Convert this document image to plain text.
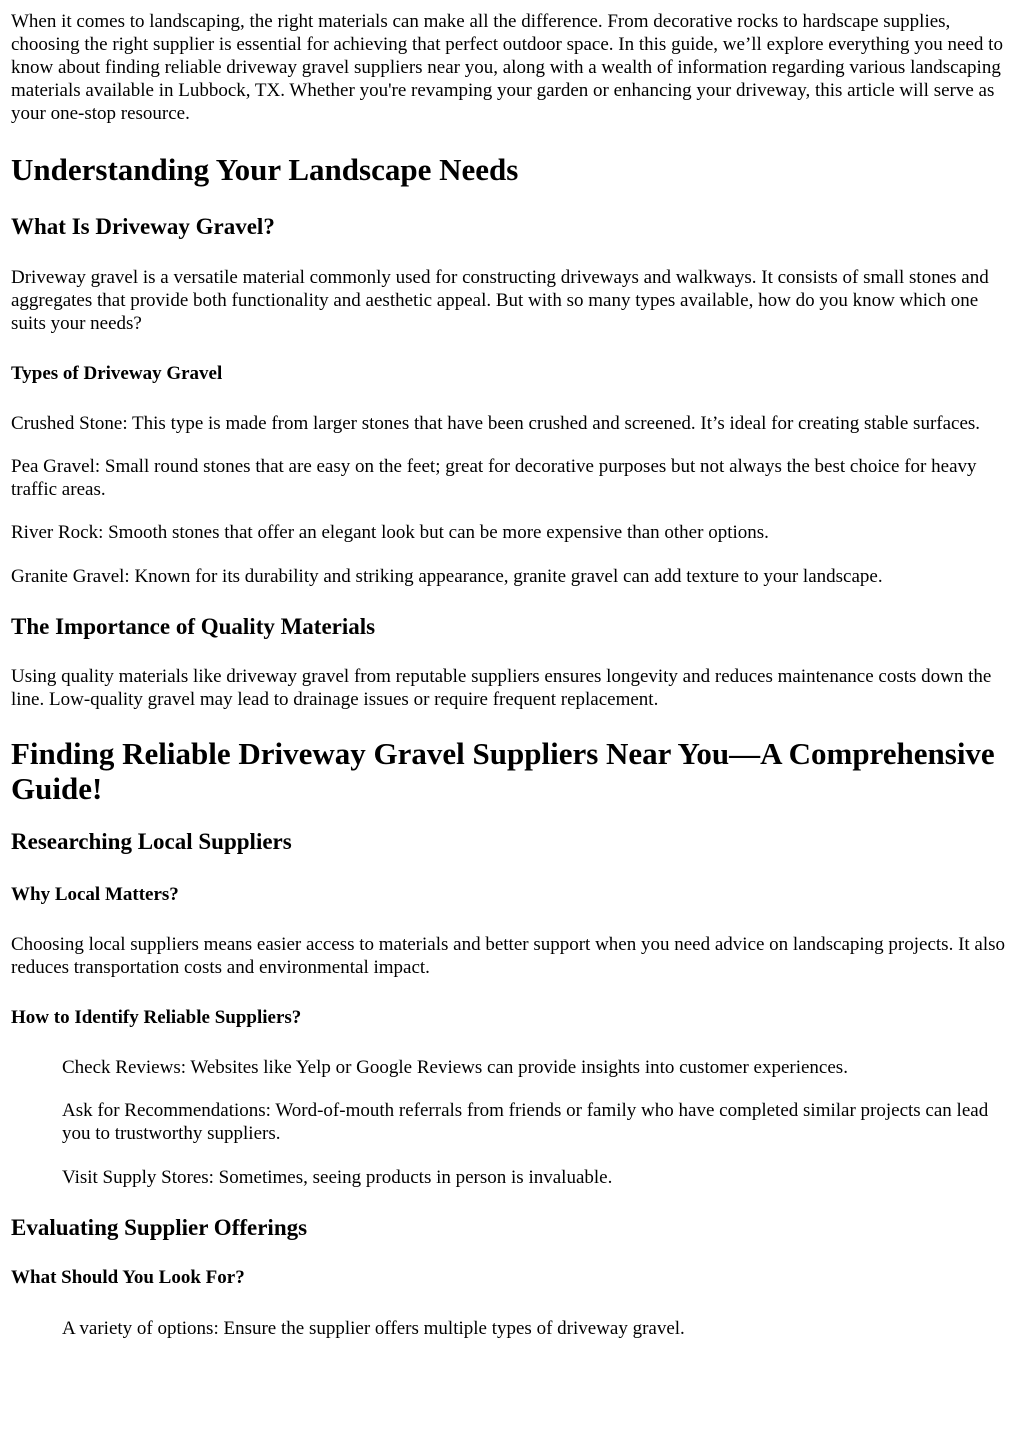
When it comes to landscaping, the right materials can make all the difference. From decorative rocks to hardscape supplies, choosing the right supplier is essential for achieving that perfect outdoor space. In this guide, we’ll explore everything you need to know about finding reliable driveway gravel suppliers near you, along with a wealth of information regarding various landscaping materials available in Lubbock, TX. Whether you're revamping your garden or enhancing your driveway, this article will serve as your one-stop resource.

Understanding Your Landscape Needs
What Is Driveway Gravel?

Driveway gravel is a versatile material commonly used for constructing driveways and walkways. It consists of small stones and aggregates that provide both functionality and aesthetic appeal. But with so many types available, how do you know which one suits your needs?

Types of Driveway Gravel

Crushed Stone: This type is made from larger stones that have been crushed and screened. It’s ideal for creating stable surfaces.

Pea Gravel: Small round stones that are easy on the feet; great for decorative purposes but not always the best choice for heavy traffic areas.

River Rock: Smooth stones that offer an elegant look but can be more expensive than other options.

Granite Gravel: Known for its durability and striking appearance, granite gravel can add texture to your landscape.

The Importance of Quality Materials

Using quality materials like driveway gravel from reputable suppliers ensures longevity and reduces maintenance costs down the line. Low-quality gravel may lead to drainage issues or require frequent replacement.

Finding Reliable Driveway Gravel Suppliers Near You—A Comprehensive Guide!
Researching Local Suppliers
Why Local Matters?

Choosing local suppliers means easier access to materials and better support when you need advice on landscaping projects. It also reduces transportation costs and environmental impact.

How to Identify Reliable Suppliers?

Check Reviews: Websites like Yelp or Google Reviews can provide insights into customer experiences.

Ask for Recommendations: Word-of-mouth referrals from friends or family who have completed similar projects can lead you to trustworthy suppliers.

Visit Supply Stores: Sometimes, seeing products in person is invaluable.

Evaluating Supplier Offerings
What Should You Look For?

A variety of options: Ensure the supplier offers multiple types of driveway gravel.
